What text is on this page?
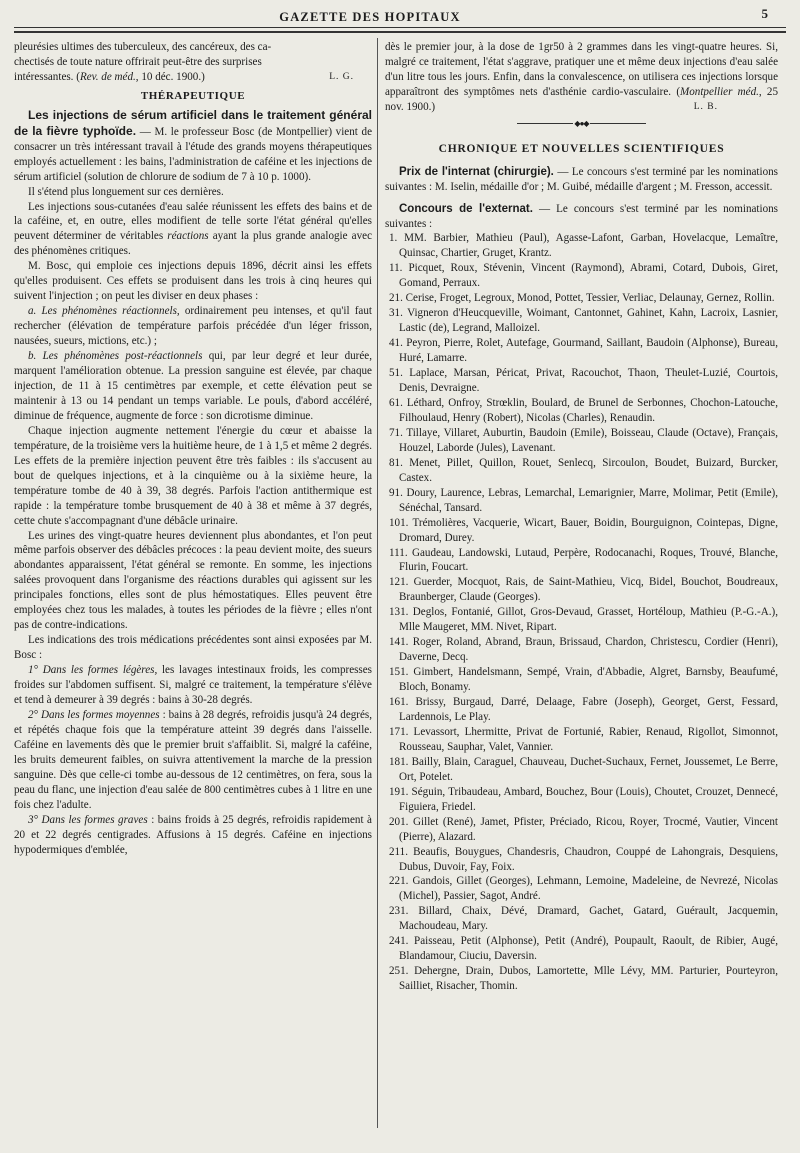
GAZETTE DES HOPITAUX	5

pleurésies ultimes des tuberculeux, des cancéreux, des ca-

chectisés de toute nature offrirait peut-être des surprises

intéressantes. (Rev. de méd., 10 déc. 1900.)	L. G.

THÉRAPEUTIQUE

Les injections de sérum artificiel dans le traitement général de la fièvre typhoïde. — M. le professeur Bosc (de Montpellier) vient de consacrer un très intéressant travail à l'étude des grands moyens thérapeutiques employés actuellement : les bains, l'administration de caféine et les injections de sérum artificiel (solution de chlorure de sodium de 7 à 10 p. 1000).

Il s'étend plus longuement sur ces dernières.

Les injections sous-cutanées d'eau salée réunissent les effets des bains et de la caféine, et, en outre, elles modifient de telle sorte l'état général qu'elles peuvent déterminer de véritables réactions ayant la plus grande analogie avec des phénomènes critiques.

M. Bosc, qui emploie ces injections depuis 1896, décrit ainsi les effets qu'elles produisent. Ces effets se produisent dans les trois à cinq heures qui suivent l'injection ; on peut les diviser en deux phases :

a. Les phénomènes réactionnels, ordinairement peu intenses, et qu'il faut rechercher (élévation de température parfois précédée d'un léger frisson, nausées, sueurs, mictions, etc.) ;

b. Les phénomènes post-réactionnels qui, par leur degré et leur durée, marquent l'amélioration obtenue. La pression sanguine est élevée, par chaque injection, de 11 à 15 centimètres par exemple, et cette élévation peut se maintenir à 13 ou 14 pendant un temps variable. Le pouls, d'abord accéléré, diminue de fréquence, augmente de force : son dicrotisme diminue.

Chaque injection augmente nettement l'énergie du cœur et abaisse la température, de la troisième vers la huitième heure, de 1 à 1,5 et même 2 degrés. Les effets de la première injection peuvent être très faibles : ils s'accusent au bout de quelques injections, et à la cinquième ou à la sixième heure, la température tombe de 40 à 39, 38 degrés. Parfois l'action antithermique est rapide : la température tombe brusquement de 40 à 38 et même à 37 degrés, cette chute s'accompagnant d'une débâcle urinaire.

Les urines des vingt-quatre heures deviennent plus abondantes, et l'on peut même parfois observer des débâcles précoces : la peau devient moite, des sueurs abondantes apparaissent, l'état général se remonte. En somme, les injections salées provoquent dans l'organisme des réactions durables qui agissent sur les principales fonctions, elles sont de plus hémostatiques. Elles peuvent être employées chez tous les malades, à toutes les périodes de la fièvre ; elles n'ont pas de contre-indications.

Les indications des trois médications précédentes sont ainsi exposées par M. Bosc :

1° Dans les formes légères, les lavages intestinaux froids, les compresses froides sur l'abdomen suffisent. Si, malgré ce traitement, la température s'élève et tend à demeurer à 39 degrés : bains à 30-28 degrés.

2° Dans les formes moyennes : bains à 28 degrés, refroidis jusqu'à 24 degrés, et répétés chaque fois que la température atteint 39 degrés dans l'aisselle. Caféine en lavements dès que le premier bruit s'affaiblit. Si, malgré la caféine, les bruits demeurent faibles, on suivra attentivement la marche de la pression sanguine. Dès que celle-ci tombe au-dessous de 12 centimètres, on fera, sous la peau du flanc, une injection d'eau salée de 800 centimètres cubes à 1 litre en une fois chez l'adulte.

3° Dans les formes graves : bains froids à 25 degrés, refroidis rapidement à 20 et 22 degrés centigrades. Affusions à 15 degrés. Caféine en injections hypodermiques d'emblée,

dès le premier jour, à la dose de 1gr50 à 2 grammes dans les vingt-quatre heures. Si, malgré ce traitement, l'état s'aggrave, pratiquer une et même deux injections d'eau salée d'un litre tous les jours. Enfin, dans la convalescence, on utilisera ces injections lorsque apparaîtront des symptômes nets d'asthénie cardio-vasculaire. (Montpellier méd., 25 nov. 1900.)	L. B.

◆●◆
CHRONIQUE ET NOUVELLES SCIENTIFIQUES

Prix de l'internat (chirurgie). — Le concours s'est terminé par les nominations suivantes : M. Iselin, médaille d'or ; M. Guibé, médaille d'argent ; M. Fresson, accessit.

Concours de l'externat. — Le concours s'est terminé par les nominations suivantes :

1. MM. Barbier, Mathieu (Paul), Agasse-Lafont, Garban, Hovelacque, Lemaître, Quinsac, Chartier, Gruget, Krantz.

11. Picquet, Roux, Stévenin, Vincent (Raymond), Abrami, Cotard, Dubois, Giret, Gomand, Perraux.

21. Cerise, Froget, Legroux, Monod, Pottet, Tessier, Verliac, Delaunay, Gernez, Rollin.

31. Vigneron d'Heucqueville, Woimant, Cantonnet, Gahinet, Kahn, Lacroix, Lasnier, Lastic (de), Legrand, Malloizel.

41. Peyron, Pierre, Rolet, Autefage, Gourmand, Saillant, Baudoin (Alphonse), Bureau, Huré, Lamarre.

51. Laplace, Marsan, Péricat, Privat, Racouchot, Thaon, Theulet-Luzié, Courtois, Denis, Devraigne.

61. Léthard, Onfroy, Strœklin, Boulard, de Brunel de Serbonnes, Chochon-Latouche, Filhoulaud, Henry (Robert), Nicolas (Charles), Renaudin.

71. Tillaye, Villaret, Auburtin, Baudoin (Emile), Boisseau, Claude (Octave), Français, Houzel, Laborde (Jules), Lavenant.

81. Menet, Pillet, Quillon, Rouet, Senlecq, Sircoulon, Boudet, Buizard, Burcker, Castex.

91. Doury, Laurence, Lebras, Lemarchal, Lemarignier, Marre, Molimar, Petit (Emile), Sénéchal, Tansard.

101. Trémolières, Vacquerie, Wicart, Bauer, Boidin, Bourguignon, Cointepas, Digne, Dromard, Durey.

111. Gaudeau, Landowski, Lutaud, Perpère, Rodocanachi, Roques, Trouvé, Blanche, Flurin, Foucart.

121. Guerder, Mocquot, Rais, de Saint-Mathieu, Vicq, Bidel, Bouchot, Boudreaux, Braunberger, Claude (Georges).

131. Deglos, Fontanié, Gillot, Gros-Devaud, Grasset, Hortéloup, Mathieu (P.-G.-A.), Mlle Maugeret, MM. Nivet, Ripart.

141. Roger, Roland, Abrand, Braun, Brissaud, Chardon, Christescu, Cordier (Henri), Daverne, Decq.

151. Gimbert, Handelsmann, Sempé, Vrain, d'Abbadie, Algret, Barnsby, Beaufumé, Bloch, Bonamy.

161. Brissy, Burgaud, Darré, Delaage, Fabre (Joseph), Georget, Gerst, Fessard, Lardennois, Le Play.

171. Levassort, Lhermitte, Privat de Fortunié, Rabier, Renaud, Rigollot, Simonnot, Rousseau, Sauphar, Valet, Vannier.

181. Bailly, Blain, Caraguel, Chauveau, Duchet-Suchaux, Fernet, Joussemet, Le Berre, Ort, Potelet.

191. Séguin, Tribaudeau, Ambard, Bouchez, Bour (Louis), Choutet, Crouzet, Dennecé, Figuiera, Friedel.

201. Gillet (René), Jamet, Pfister, Préciado, Ricou, Royer, Trocmé, Vautier, Vincent (Pierre), Alazard.

211. Beaufis, Bouygues, Chandesris, Chaudron, Couppé de Lahongrais, Desquiens, Dubus, Duvoir, Fay, Foix.

221. Gandois, Gillet (Georges), Lehmann, Lemoine, Madeleine, de Nevrezé, Nicolas (Michel), Passier, Sagot, André.

231. Billard, Chaix, Dévé, Dramard, Gachet, Gatard, Guérault, Jacquemin, Machoudeau, Mary.

241. Paisseau, Petit (Alphonse), Petit (André), Poupault, Raoult, de Ribier, Augé, Blandamour, Ciuciu, Daversin.

251. Dehergne, Drain, Dubos, Lamortette, Mlle Lévy, MM. Parturier, Pourteyron, Sailliet, Risacher, Thomin.
